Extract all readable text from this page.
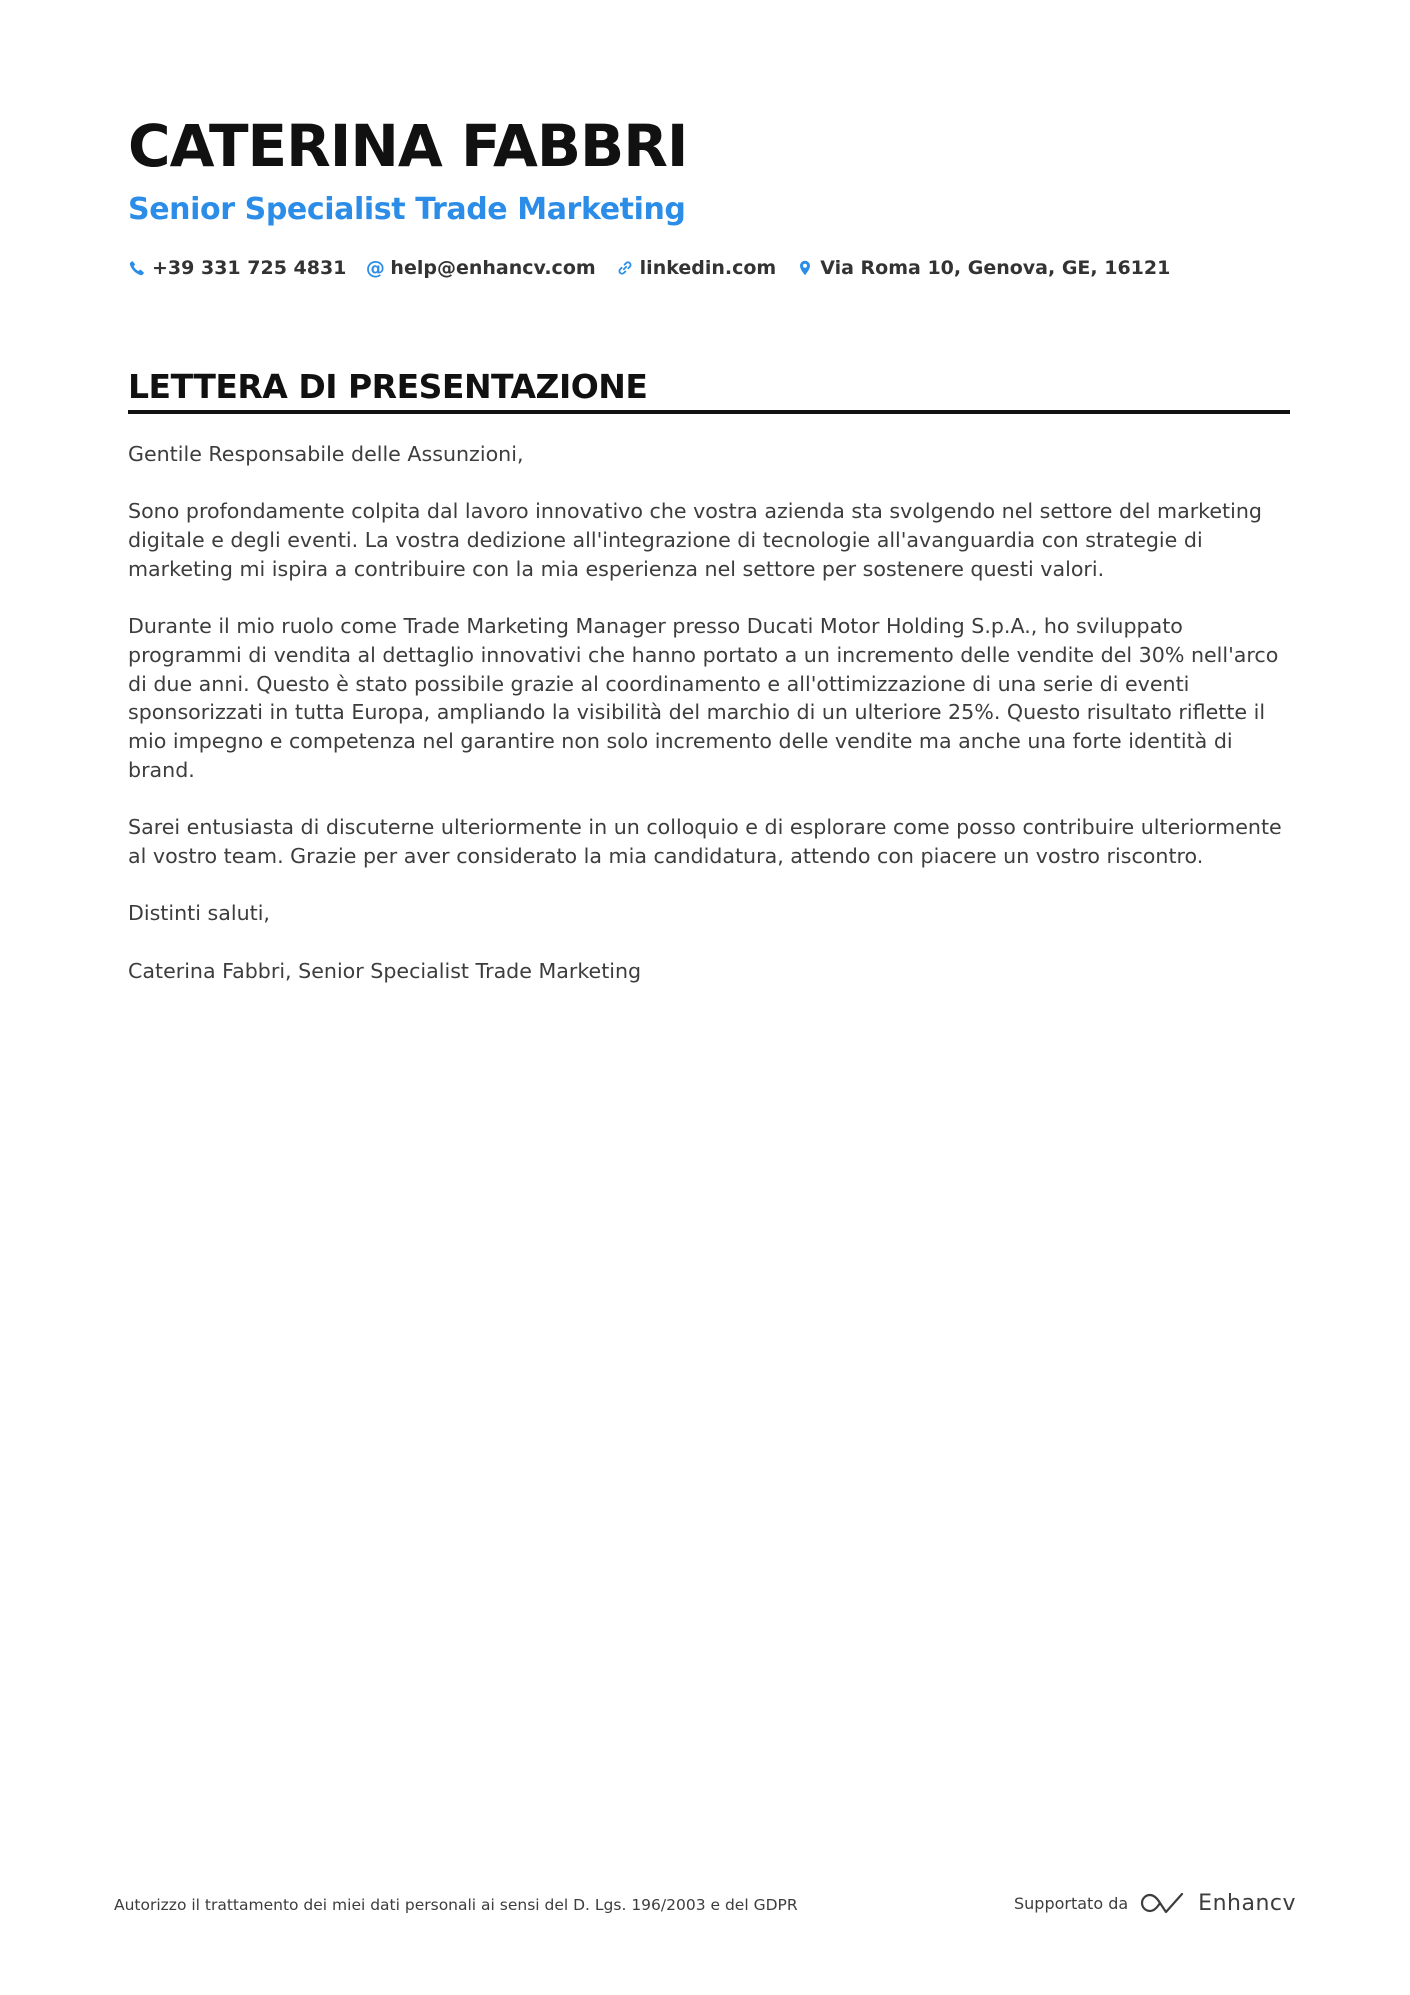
CATERINA FABBRI
Senior Specialist Trade Marketing
+39 331 725 4831 @ help@enhancv.com linkedin.com Via Roma 10, Genova, GE, 16121
LETTERA DI PRESENTAZIONE

Gentile Responsabile delle Assunzioni,

Sono profondamente colpita dal lavoro innovativo che vostra azienda sta svolgendo nel settore del marketing digitale e degli eventi. La vostra dedizione all'integrazione di tecnologie all'avanguardia con strategie di marketing mi ispira a contribuire con la mia esperienza nel settore per sostenere questi valori.

Durante il mio ruolo come Trade Marketing Manager presso Ducati Motor Holding S.p.A., ho sviluppato programmi di vendita al dettaglio innovativi che hanno portato a un incremento delle vendite del 30% nell'arco di due anni. Questo è stato possibile grazie al coordinamento e all'ottimizzazione di una serie di eventi sponsorizzati in tutta Europa, ampliando la visibilità del marchio di un ulteriore 25%. Questo risultato riflette il mio impegno e competenza nel garantire non solo incremento delle vendite ma anche una forte identità di brand.

Sarei entusiasta di discuterne ulteriormente in un colloquio e di esplorare come posso contribuire ulteriormente al vostro team. Grazie per aver considerato la mia candidatura, attendo con piacere un vostro riscontro.

Distinti saluti,

Caterina Fabbri, Senior Specialist Trade Marketing

Autorizzo il trattamento dei miei dati personali ai sensi del D. Lgs. 196/2003 e del GDPR	Supportato da	Enhancv
